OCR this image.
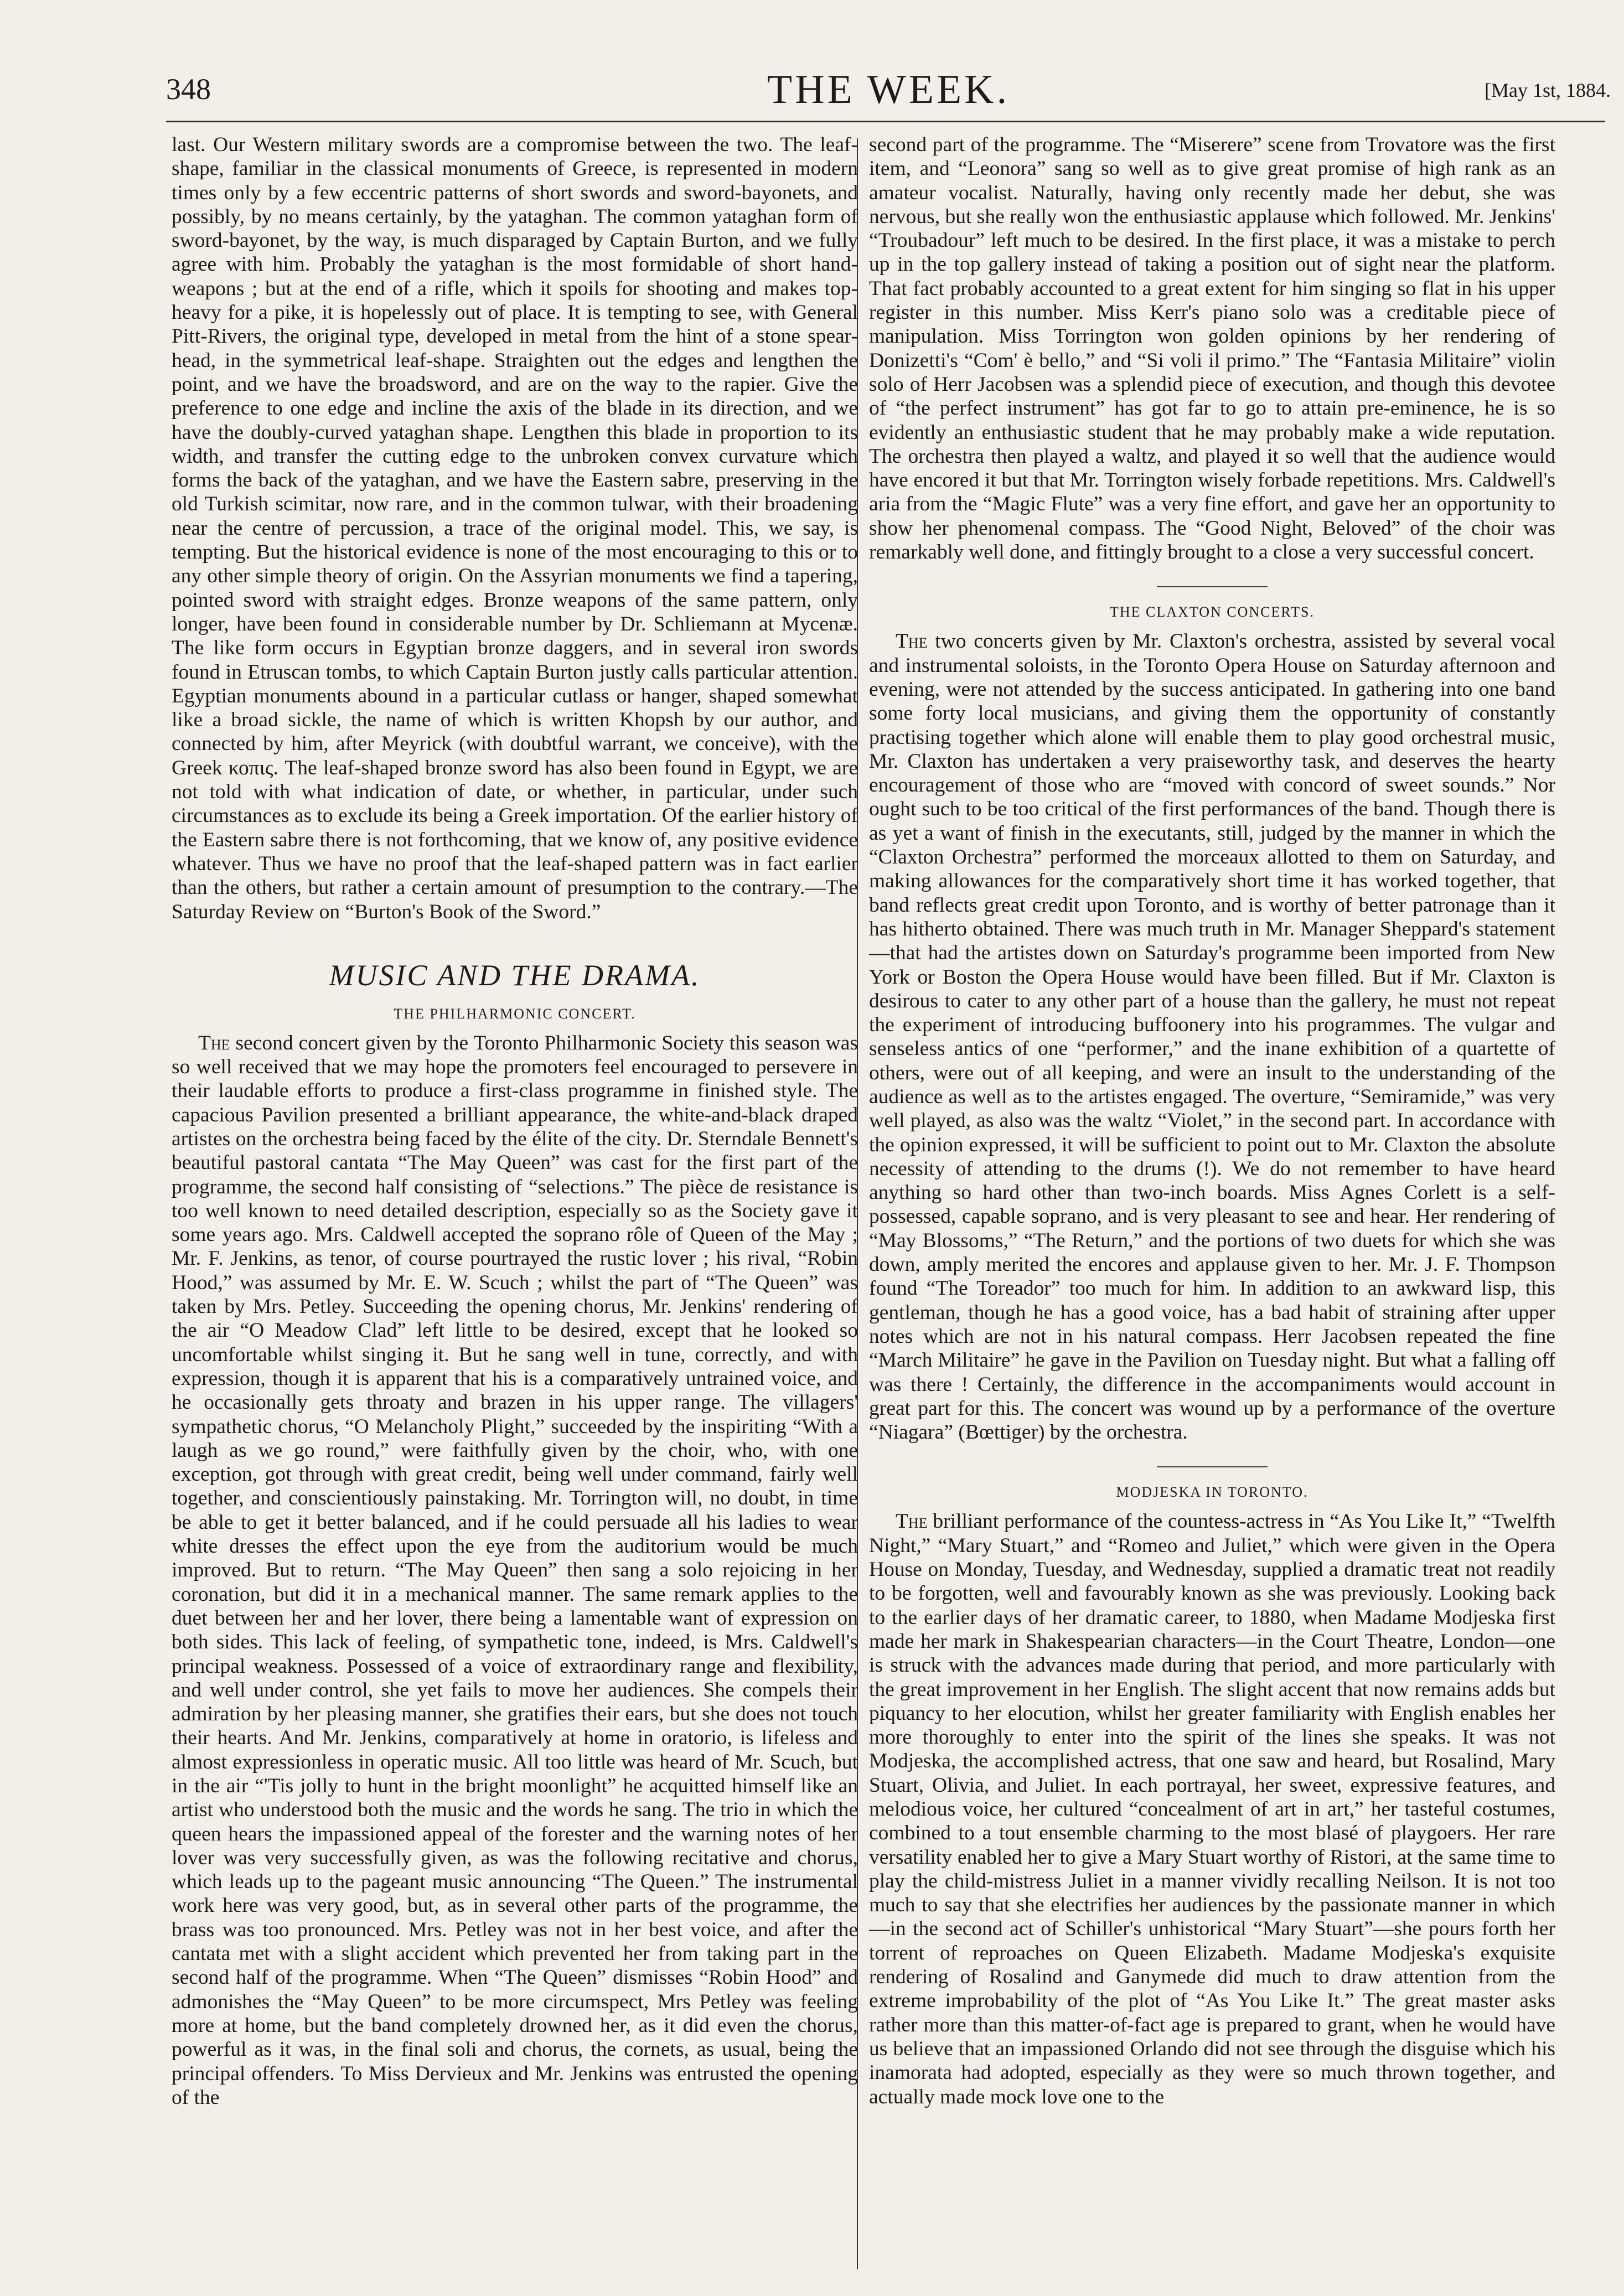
348	THE WEEK.	[May 1st, 1884.

last. Our Western military swords are a compromise between the two. The leaf-shape, familiar in the classical monuments of Greece, is represented in modern times only by a few eccentric patterns of short swords and sword-bayonets, and possibly, by no means certainly, by the yataghan. The common yataghan form of sword-bayonet, by the way, is much disparaged by Captain Burton, and we fully agree with him. Probably the yataghan is the most formidable of short hand-weapons ; but at the end of a rifle, which it spoils for shooting and makes top-heavy for a pike, it is hopelessly out of place. It is tempting to see, with General Pitt-Rivers, the original type, developed in metal from the hint of a stone spear-head, in the symmetrical leaf-shape. Straighten out the edges and lengthen the point, and we have the broadsword, and are on the way to the rapier. Give the preference to one edge and incline the axis of the blade in its direction, and we have the doubly-curved yataghan shape. Lengthen this blade in proportion to its width, and transfer the cutting edge to the unbroken convex curvature which forms the back of the yataghan, and we have the Eastern sabre, preserving in the old Turkish scimitar, now rare, and in the common tulwar, with their broadening near the centre of percussion, a trace of the original model. This, we say, is tempting. But the historical evidence is none of the most encouraging to this or to any other simple theory of origin. On the Assyrian monuments we find a tapering, pointed sword with straight edges. Bronze weapons of the same pattern, only longer, have been found in considerable number by Dr. Schliemann at Mycenæ. The like form occurs in Egyptian bronze daggers, and in several iron swords found in Etruscan tombs, to which Captain Burton justly calls particular attention. Egyptian monuments abound in a particular cutlass or hanger, shaped somewhat like a broad sickle, the name of which is written Khopsh by our author, and connected by him, after Meyrick (with doubtful warrant, we conceive), with the Greek κοπις. The leaf-shaped bronze sword has also been found in Egypt, we are not told with what indication of date, or whether, in particular, under such circumstances as to exclude its being a Greek importation. Of the earlier history of the Eastern sabre there is not forthcoming, that we know of, any positive evidence whatever. Thus we have no proof that the leaf-shaped pattern was in fact earlier than the others, but rather a certain amount of presumption to the contrary.—The Saturday Review on “Burton's Book of the Sword.”

MUSIC AND THE DRAMA.
THE PHILHARMONIC CONCERT.

The second concert given by the Toronto Philharmonic Society this season was so well received that we may hope the promoters feel encouraged to persevere in their laudable efforts to produce a first-class programme in finished style. The capacious Pavilion presented a brilliant appearance, the white-and-black draped artistes on the orchestra being faced by the élite of the city. Dr. Sterndale Bennett's beautiful pastoral cantata “The May Queen” was cast for the first part of the programme, the second half consisting of “selections.” The pièce de resistance is too well known to need detailed description, especially so as the Society gave it some years ago. Mrs. Caldwell accepted the soprano rôle of Queen of the May ; Mr. F. Jenkins, as tenor, of course pourtrayed the rustic lover ; his rival, “Robin Hood,” was assumed by Mr. E. W. Scuch ; whilst the part of “The Queen” was taken by Mrs. Petley. Succeeding the opening chorus, Mr. Jenkins' rendering of the air “O Meadow Clad” left little to be desired, except that he looked so uncomfortable whilst singing it. But he sang well in tune, correctly, and with expression, though it is apparent that his is a comparatively untrained voice, and he occasionally gets throaty and brazen in his upper range. The villagers' sympathetic chorus, “O Melancholy Plight,” succeeded by the inspiriting “With a laugh as we go round,” were faithfully given by the choir, who, with one exception, got through with great credit, being well under command, fairly well together, and conscientiously painstaking. Mr. Torrington will, no doubt, in time be able to get it better balanced, and if he could persuade all his ladies to wear white dresses the effect upon the eye from the auditorium would be much improved. But to return. “The May Queen” then sang a solo rejoicing in her coronation, but did it in a mechanical manner. The same remark applies to the duet between her and her lover, there being a lamentable want of expression on both sides. This lack of feeling, of sympathetic tone, indeed, is Mrs. Caldwell's principal weakness. Possessed of a voice of extraordinary range and flexibility, and well under control, she yet fails to move her audiences. She compels their admiration by her pleasing manner, she gratifies their ears, but she does not touch their hearts. And Mr. Jenkins, comparatively at home in oratorio, is lifeless and almost expressionless in operatic music. All too little was heard of Mr. Scuch, but in the air “'Tis jolly to hunt in the bright moonlight” he acquitted himself like an artist who understood both the music and the words he sang. The trio in which the queen hears the impassioned appeal of the forester and the warning notes of her lover was very successfully given, as was the following recitative and chorus, which leads up to the pageant music announcing “The Queen.” The instrumental work here was very good, but, as in several other parts of the programme, the brass was too pronounced. Mrs. Petley was not in her best voice, and after the cantata met with a slight accident which prevented her from taking part in the second half of the programme. When “The Queen” dismisses “Robin Hood” and admonishes the “May Queen” to be more circumspect, Mrs Petley was feeling more at home, but the band completely drowned her, as it did even the chorus, powerful as it was, in the final soli and chorus, the cornets, as usual, being the principal offenders. To Miss Dervieux and Mr. Jenkins was entrusted the opening of the

second part of the programme. The “Miserere” scene from Trovatore was the first item, and “Leonora” sang so well as to give great promise of high rank as an amateur vocalist. Naturally, having only recently made her debut, she was nervous, but she really won the enthusiastic applause which followed. Mr. Jenkins' “Troubadour” left much to be desired. In the first place, it was a mistake to perch up in the top gallery instead of taking a position out of sight near the platform. That fact probably accounted to a great extent for him singing so flat in his upper register in this number. Miss Kerr's piano solo was a creditable piece of manipulation. Miss Torrington won golden opinions by her rendering of Donizetti's “Com' è bello,” and “Si voli il primo.” The “Fantasia Militaire” violin solo of Herr Jacobsen was a splendid piece of execution, and though this devotee of “the perfect instrument” has got far to go to attain pre-eminence, he is so evidently an enthusiastic student that he may probably make a wide reputation. The orchestra then played a waltz, and played it so well that the audience would have encored it but that Mr. Torrington wisely forbade repetitions. Mrs. Caldwell's aria from the “Magic Flute” was a very fine effort, and gave her an opportunity to show her phenomenal compass. The “Good Night, Beloved” of the choir was remarkably well done, and fittingly brought to a close a very successful concert.

THE CLAXTON CONCERTS.

The two concerts given by Mr. Claxton's orchestra, assisted by several vocal and instrumental soloists, in the Toronto Opera House on Saturday afternoon and evening, were not attended by the success anticipated. In gathering into one band some forty local musicians, and giving them the opportunity of constantly practising together which alone will enable them to play good orchestral music, Mr. Claxton has undertaken a very praiseworthy task, and deserves the hearty encouragement of those who are “moved with concord of sweet sounds.” Nor ought such to be too critical of the first performances of the band. Though there is as yet a want of finish in the executants, still, judged by the manner in which the “Claxton Orchestra” performed the morceaux allotted to them on Saturday, and making allowances for the comparatively short time it has worked together, that band reflects great credit upon Toronto, and is worthy of better patronage than it has hitherto obtained. There was much truth in Mr. Manager Sheppard's statement—that had the artistes down on Saturday's programme been imported from New York or Boston the Opera House would have been filled. But if Mr. Claxton is desirous to cater to any other part of a house than the gallery, he must not repeat the experiment of introducing buffoonery into his programmes. The vulgar and senseless antics of one “performer,” and the inane exhibition of a quartette of others, were out of all keeping, and were an insult to the understanding of the audience as well as to the artistes engaged. The overture, “Semiramide,” was very well played, as also was the waltz “Violet,” in the second part. In accordance with the opinion expressed, it will be sufficient to point out to Mr. Claxton the absolute necessity of attending to the drums (!). We do not remember to have heard anything so hard other than two-inch boards. Miss Agnes Corlett is a self-possessed, capable soprano, and is very pleasant to see and hear. Her rendering of “May Blossoms,” “The Return,” and the portions of two duets for which she was down, amply merited the encores and applause given to her. Mr. J. F. Thompson found “The Toreador” too much for him. In addition to an awkward lisp, this gentleman, though he has a good voice, has a bad habit of straining after upper notes which are not in his natural compass. Herr Jacobsen repeated the fine “March Militaire” he gave in the Pavilion on Tuesday night. But what a falling off was there ! Certainly, the difference in the accompaniments would account in great part for this. The concert was wound up by a performance of the overture “Niagara” (Bœttiger) by the orchestra.

MODJESKA IN TORONTO.

The brilliant performance of the countess-actress in “As You Like It,” “Twelfth Night,” “Mary Stuart,” and “Romeo and Juliet,” which were given in the Opera House on Monday, Tuesday, and Wednesday, supplied a dramatic treat not readily to be forgotten, well and favourably known as she was previously. Looking back to the earlier days of her dramatic career, to 1880, when Madame Modjeska first made her mark in Shakespearian characters—in the Court Theatre, London—one is struck with the advances made during that period, and more particularly with the great improvement in her English. The slight accent that now remains adds but piquancy to her elocution, whilst her greater familiarity with English enables her more thoroughly to enter into the spirit of the lines she speaks. It was not Modjeska, the accomplished actress, that one saw and heard, but Rosalind, Mary Stuart, Olivia, and Juliet. In each portrayal, her sweet, expressive features, and melodious voice, her cultured “concealment of art in art,” her tasteful costumes, combined to a tout ensemble charming to the most blasé of playgoers. Her rare versatility enabled her to give a Mary Stuart worthy of Ristori, at the same time to play the child-mistress Juliet in a manner vividly recalling Neilson. It is not too much to say that she electrifies her audiences by the passionate manner in which—in the second act of Schiller's unhistorical “Mary Stuart”—she pours forth her torrent of reproaches on Queen Elizabeth. Madame Modjeska's exquisite rendering of Rosalind and Ganymede did much to draw attention from the extreme improbability of the plot of “As You Like It.” The great master asks rather more than this matter-of-fact age is prepared to grant, when he would have us believe that an impassioned Orlando did not see through the disguise which his inamorata had adopted, especially as they were so much thrown together, and actually made mock love one to the
